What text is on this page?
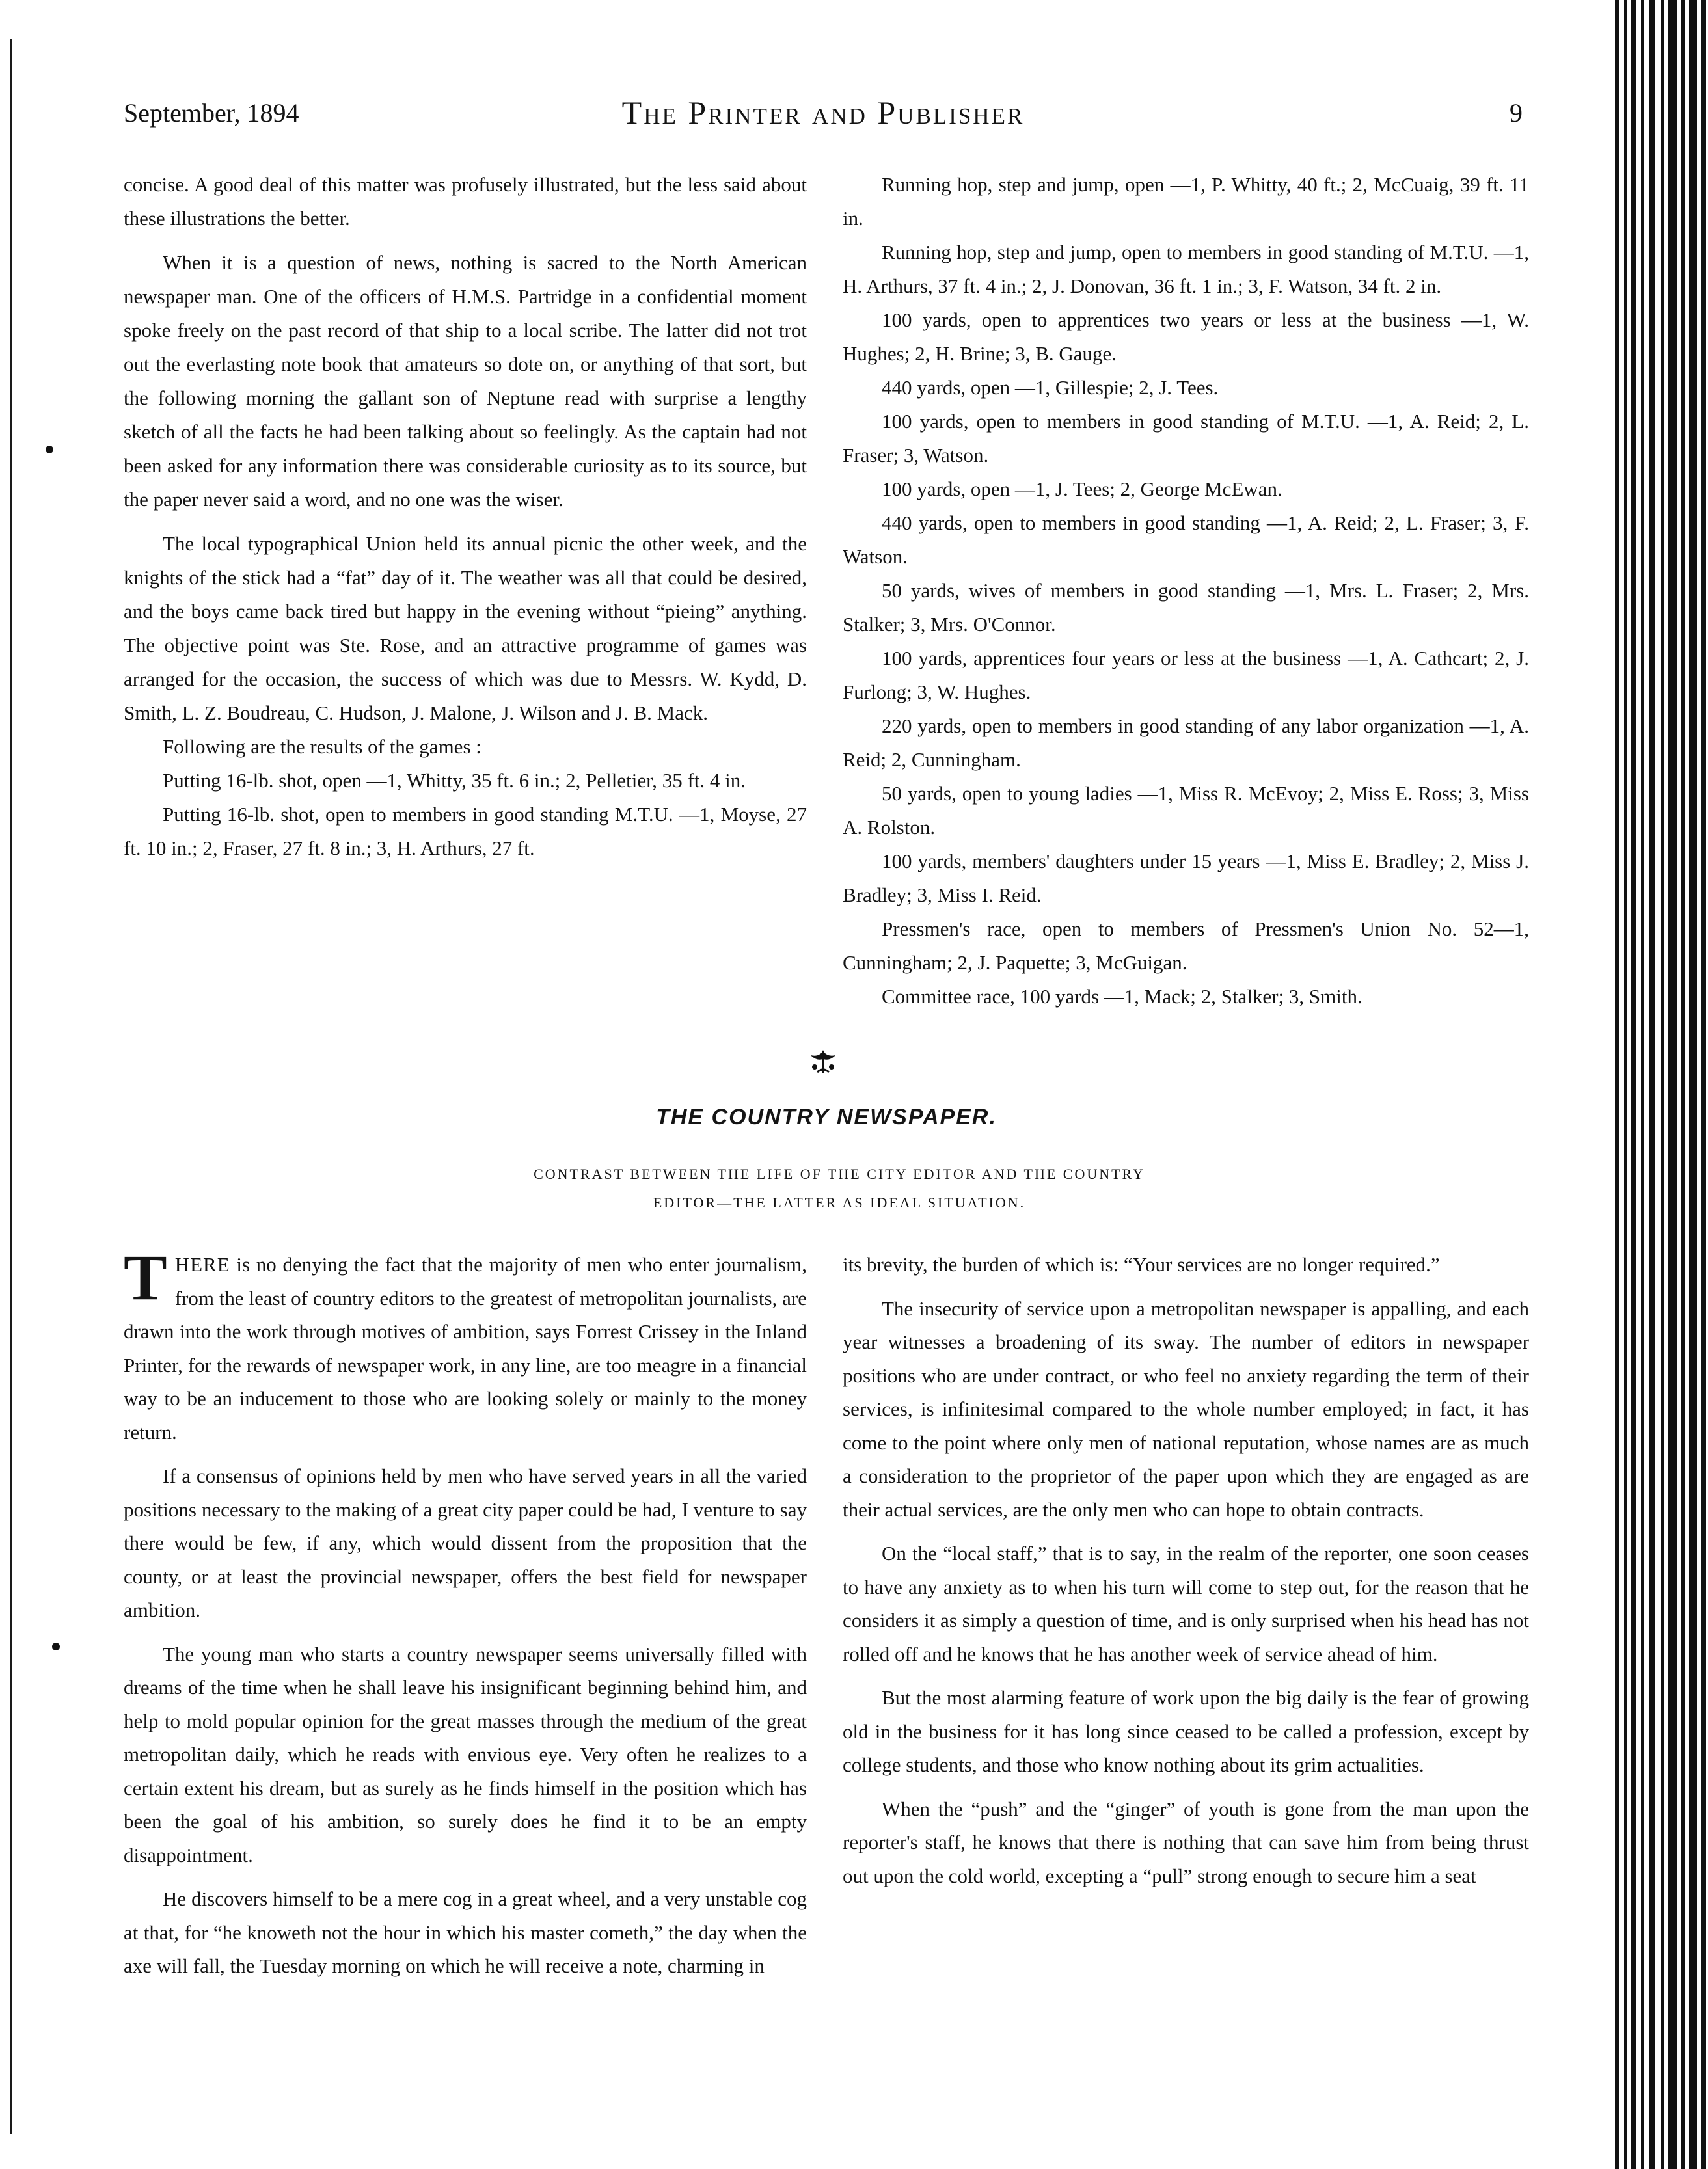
September, 1894	The Printer and Publisher	9

concise. A good deal of this matter was profusely illustrated, but the less said about these illustrations the better.

When it is a question of news, nothing is sacred to the North American newspaper man. One of the officers of H.M.S. Partridge in a confidential moment spoke freely on the past record of that ship to a local scribe. The latter did not trot out the everlasting note book that amateurs so dote on, or anything of that sort, but the following morning the gallant son of Neptune read with surprise a lengthy sketch of all the facts he had been talking about so feelingly. As the captain had not been asked for any information there was considerable curiosity as to its source, but the paper never said a word, and no one was the wiser.

The local typographical Union held its annual picnic the other week, and the knights of the stick had a “fat” day of it. The weather was all that could be desired, and the boys came back tired but happy in the evening without “pieing” anything. The objective point was Ste. Rose, and an attractive programme of games was arranged for the occasion, the success of which was due to Messrs. W. Kydd, D. Smith, L. Z. Boudreau, C. Hudson, J. Malone, J. Wilson and J. B. Mack.

Following are the results of the games :

Putting 16-lb. shot, open —1, Whitty, 35 ft. 6 in.; 2, Pelletier, 35 ft. 4 in.

Putting 16-lb. shot, open to members in good standing M.T.U. —1, Moyse, 27 ft. 10 in.; 2, Fraser, 27 ft. 8 in.; 3, H. Arthurs, 27 ft.

Running hop, step and jump, open —1, P. Whitty, 40 ft.; 2, McCuaig, 39 ft. 11 in.

Running hop, step and jump, open to members in good standing of M.T.U. —1, H. Arthurs, 37 ft. 4 in.; 2, J. Donovan, 36 ft. 1 in.; 3, F. Watson, 34 ft. 2 in.

100 yards, open to apprentices two years or less at the business —1, W. Hughes; 2, H. Brine; 3, B. Gauge.

440 yards, open —1, Gillespie; 2, J. Tees.

100 yards, open to members in good standing of M.T.U. —1, A. Reid; 2, L. Fraser; 3, Watson.

100 yards, open —1, J. Tees; 2, George McEwan.

440 yards, open to members in good standing —1, A. Reid; 2, L. Fraser; 3, F. Watson.

50 yards, wives of members in good standing —1, Mrs. L. Fraser; 2, Mrs. Stalker; 3, Mrs. O'Connor.

100 yards, apprentices four years or less at the business —1, A. Cathcart; 2, J. Furlong; 3, W. Hughes.

220 yards, open to members in good standing of any labor organization —1, A. Reid; 2, Cunningham.

50 yards, open to young ladies —1, Miss R. McEvoy; 2, Miss E. Ross; 3, Miss A. Rolston.

100 yards, members' daughters under 15 years —1, Miss E. Bradley; 2, Miss J. Bradley; 3, Miss I. Reid.

Pressmen's race, open to members of Pressmen's Union No. 52—1, Cunningham; 2, J. Paquette; 3, McGuigan.

Committee race, 100 yards —1, Mack; 2, Stalker; 3, Smith.

THE COUNTRY NEWSPAPER.
CONTRAST BETWEEN THE LIFE OF THE CITY EDITOR AND THE COUNTRY
EDITOR—THE LATTER AS IDEAL SITUATION.

THERE is no denying the fact that the majority of men who enter journalism, from the least of country editors to the greatest of metropolitan journalists, are drawn into the work through motives of ambition, says Forrest Crissey in the Inland Printer, for the rewards of newspaper work, in any line, are too meagre in a financial way to be an inducement to those who are looking solely or mainly to the money return.

If a consensus of opinions held by men who have served years in all the varied positions necessary to the making of a great city paper could be had, I venture to say there would be few, if any, which would dissent from the proposition that the county, or at least the provincial newspaper, offers the best field for newspaper ambition.

The young man who starts a country newspaper seems universally filled with dreams of the time when he shall leave his insignificant beginning behind him, and help to mold popular opinion for the great masses through the medium of the great metropolitan daily, which he reads with envious eye. Very often he realizes to a certain extent his dream, but as surely as he finds himself in the position which has been the goal of his ambition, so surely does he find it to be an empty disappointment.

He discovers himself to be a mere cog in a great wheel, and a very unstable cog at that, for “he knoweth not the hour in which his master cometh,” the day when the axe will fall, the Tuesday morning on which he will receive a note, charming in

its brevity, the burden of which is: “Your services are no longer required.”

The insecurity of service upon a metropolitan newspaper is appalling, and each year witnesses a broadening of its sway. The number of editors in newspaper positions who are under contract, or who feel no anxiety regarding the term of their services, is infinitesimal compared to the whole number employed; in fact, it has come to the point where only men of national reputation, whose names are as much a consideration to the proprietor of the paper upon which they are engaged as are their actual services, are the only men who can hope to obtain contracts.

On the “local staff,” that is to say, in the realm of the reporter, one soon ceases to have any anxiety as to when his turn will come to step out, for the reason that he considers it as simply a question of time, and is only surprised when his head has not rolled off and he knows that he has another week of service ahead of him.

But the most alarming feature of work upon the big daily is the fear of growing old in the business for it has long since ceased to be called a profession, except by college students, and those who know nothing about its grim actualities.

When the “push” and the “ginger” of youth is gone from the man upon the reporter's staff, he knows that there is nothing that can save him from being thrust out upon the cold world, excepting a “pull” strong enough to secure him a seat
